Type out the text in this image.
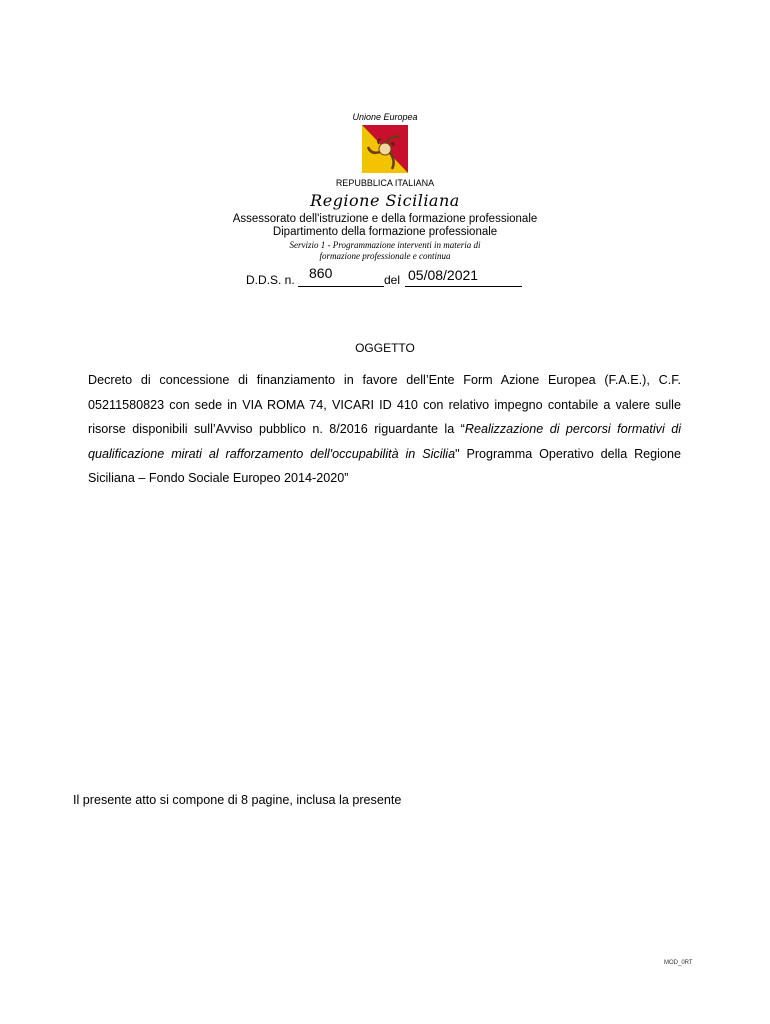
Unione Europea
REPUBBLICA ITALIANA
Regione Siciliana
Assessorato dell'istruzione e della formazione professionale
Dipartimento della formazione professionale
Servizio 1 - Programmazione interventi in materia di
formazione professionale e continua
D.D.S. n. 860	del 05/08/2021
OGGETTO
Decreto di concessione di finanziamento in favore dell’Ente Form Azione Europea (F.A.E.), C.F. 05211580823 con sede in VIA ROMA 74, VICARI ID 410 con relativo impegno contabile a valere sulle risorse disponibili sull’Avviso pubblico n. 8/2016 riguardante la “Realizzazione di percorsi formativi di qualificazione mirati al rafforzamento dell'occupabilità in Sicilia" Programma Operativo della Regione Siciliana – Fondo Sociale Europeo 2014-2020”
Il presente atto si compone di 8 pagine, inclusa la presente
MOD_0RT
